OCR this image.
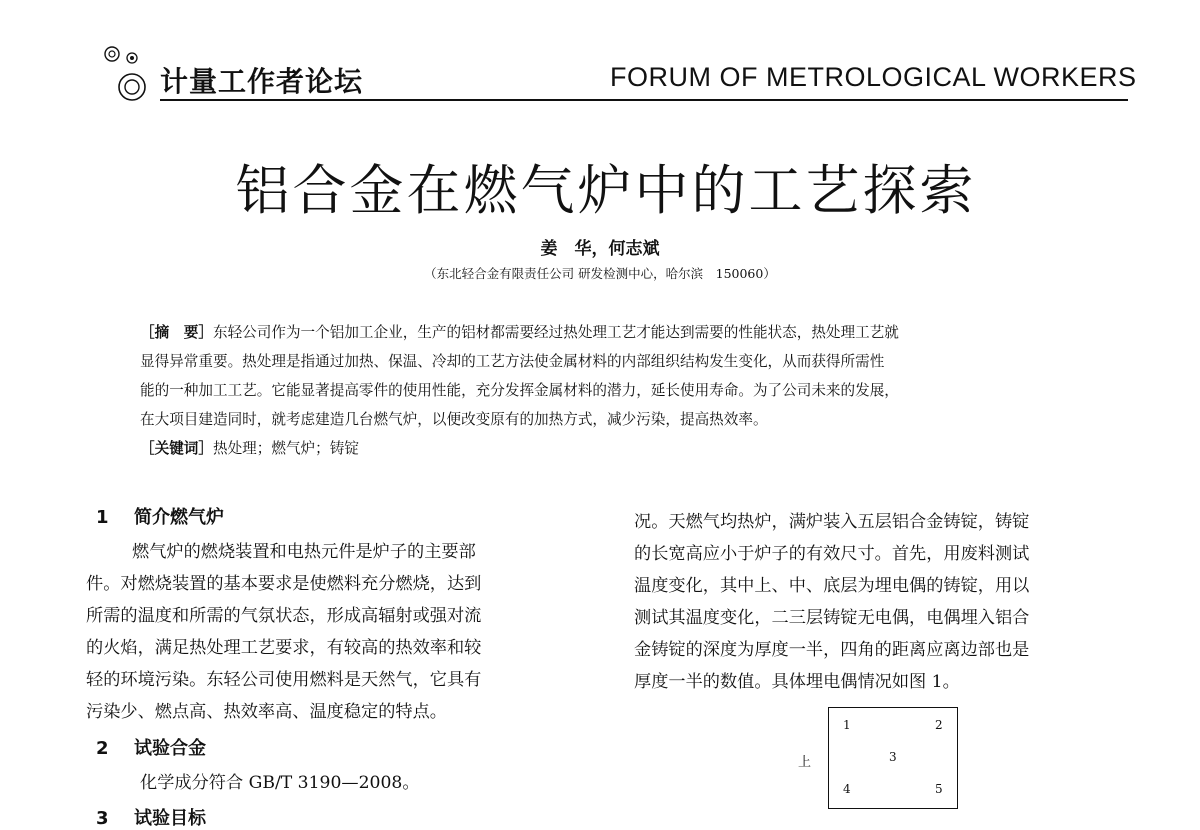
计量工作者论坛	FORUM OF METROLOGICAL WORKERS
铝合金在燃气炉中的工艺探索
姜　华，何志斌
（东北轻合金有限责任公司 研发检测中心，哈尔滨　150060）
［摘　要］东轻公司作为一个铝加工企业，生产的铝材都需要经过热处理工艺才能达到需要的性能状态，热处理工艺就
显得异常重要。热处理是指通过加热、保温、冷却的工艺方法使金属材料的内部组织结构发生变化，从而获得所需性
能的一种加工工艺。它能显著提高零件的使用性能，充分发挥金属材料的潜力，延长使用寿命。为了公司未来的发展，
在大项目建造同时，就考虑建造几台燃气炉，以便改变原有的加热方式，减少污染，提高热效率。
［关键词］热处理；燃气炉；铸锭
1 简介燃气炉
燃气炉的燃烧装置和电热元件是炉子的主要部
件。对燃烧装置的基本要求是使燃料充分燃烧，达到
所需的温度和所需的气氛状态，形成高辐射或强对流
的火焰，满足热处理工艺要求，有较高的热效率和较
轻的环境污染。东轻公司使用燃料是天然气，它具有
污染少、燃点高、热效率高、温度稳定的特点。
2 试验合金
化学成分符合 GB/T 3190—2008。
3 试验目标
况。天燃气均热炉，满炉装入五层铝合金铸锭，铸锭
的长宽高应小于炉子的有效尺寸。首先，用废料测试
温度变化，其中上、中、底层为埋电偶的铸锭，用以
测试其温度变化，二三层铸锭无电偶，电偶埋入铝合
金铸锭的深度为厚度一半，四角的距离应离边部也是
厚度一半的数值。具体埋电偶情况如图 1。
上
1	2
3
4	5
